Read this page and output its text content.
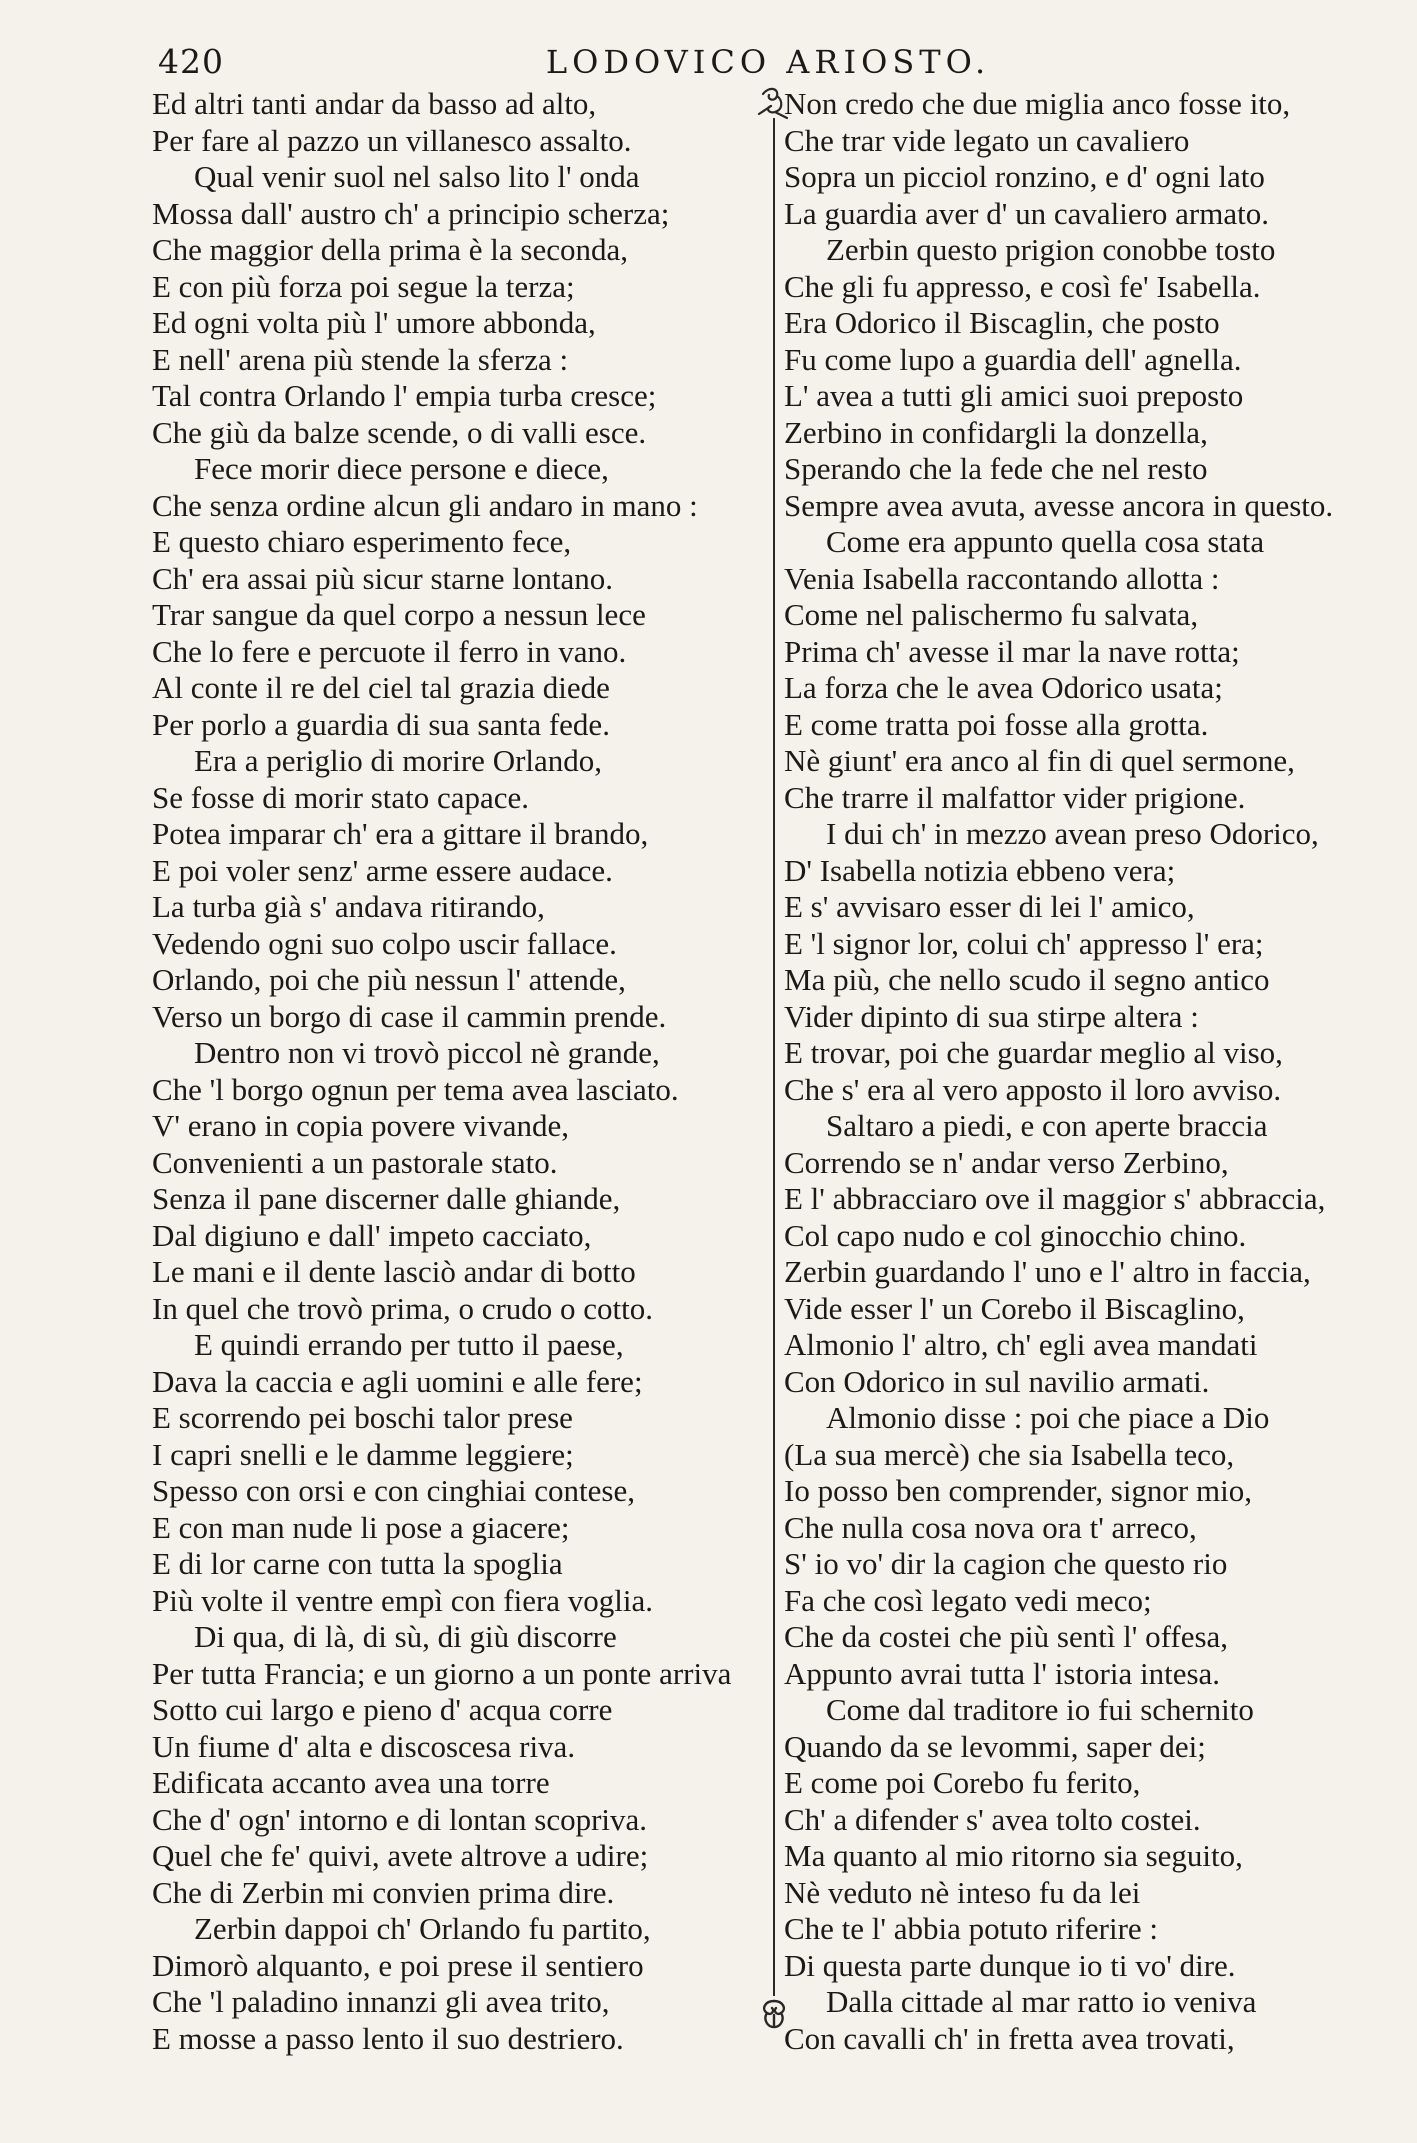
420	LODOVICO ARIOSTO.
Ed altri tanti andar da basso ad alto,
Per fare al pazzo un villanesco assalto.
Qual venir suol nel salso lito l' onda
Mossa dall' austro ch' a principio scherza;
Che maggior della prima è la seconda,
E con più forza poi segue la terza;
Ed ogni volta più l' umore abbonda,
E nell' arena più stende la sferza :
Tal contra Orlando l' empia turba cresce;
Che giù da balze scende, o di valli esce.
Fece morir diece persone e diece,
Che senza ordine alcun gli andaro in mano :
E questo chiaro esperimento fece,
Ch' era assai più sicur starne lontano.
Trar sangue da quel corpo a nessun lece
Che lo fere e percuote il ferro in vano.
Al conte il re del ciel tal grazia diede
Per porlo a guardia di sua santa fede.
Era a periglio di morire Orlando,
Se fosse di morir stato capace.
Potea imparar ch' era a gittare il brando,
E poi voler senz' arme essere audace.
La turba già s' andava ritirando,
Vedendo ogni suo colpo uscir fallace.
Orlando, poi che più nessun l' attende,
Verso un borgo di case il cammin prende.
Dentro non vi trovò piccol nè grande,
Che 'l borgo ognun per tema avea lasciato.
V' erano in copia povere vivande,
Convenienti a un pastorale stato.
Senza il pane discerner dalle ghiande,
Dal digiuno e dall' impeto cacciato,
Le mani e il dente lasciò andar di botto
In quel che trovò prima, o crudo o cotto.
E quindi errando per tutto il paese,
Dava la caccia e agli uomini e alle fere;
E scorrendo pei boschi talor prese
I capri snelli e le damme leggiere;
Spesso con orsi e con cinghiai contese,
E con man nude li pose a giacere;
E di lor carne con tutta la spoglia
Più volte il ventre empì con fiera voglia.
Di qua, di là, di sù, di giù discorre
Per tutta Francia; e un giorno a un ponte arriva
Sotto cui largo e pieno d' acqua corre
Un fiume d' alta e discoscesa riva.
Edificata accanto avea una torre
Che d' ogn' intorno e di lontan scopriva.
Quel che fe' quivi, avete altrove a udire;
Che di Zerbin mi convien prima dire.
Zerbin dappoi ch' Orlando fu partito,
Dimorò alquanto, e poi prese il sentiero
Che 'l paladino innanzi gli avea trito,
E mosse a passo lento il suo destriero.
Non credo che due miglia anco fosse ito,
Che trar vide legato un cavaliero
Sopra un picciol ronzino, e d' ogni lato
La guardia aver d' un cavaliero armato.
Zerbin questo prigion conobbe tosto
Che gli fu appresso, e così fe' Isabella.
Era Odorico il Biscaglin, che posto
Fu come lupo a guardia dell' agnella.
L' avea a tutti gli amici suoi preposto
Zerbino in confidargli la donzella,
Sperando che la fede che nel resto
Sempre avea avuta, avesse ancora in questo.
Come era appunto quella cosa stata
Venia Isabella raccontando allotta :
Come nel palischermo fu salvata,
Prima ch' avesse il mar la nave rotta;
La forza che le avea Odorico usata;
E come tratta poi fosse alla grotta.
Nè giunt' era anco al fin di quel sermone,
Che trarre il malfattor vider prigione.
I dui ch' in mezzo avean preso Odorico,
D' Isabella notizia ebbeno vera;
E s' avvisaro esser di lei l' amico,
E 'l signor lor, colui ch' appresso l' era;
Ma più, che nello scudo il segno antico
Vider dipinto di sua stirpe altera :
E trovar, poi che guardar meglio al viso,
Che s' era al vero apposto il loro avviso.
Saltaro a piedi, e con aperte braccia
Correndo se n' andar verso Zerbino,
E l' abbracciaro ove il maggior s' abbraccia,
Col capo nudo e col ginocchio chino.
Zerbin guardando l' uno e l' altro in faccia,
Vide esser l' un Corebo il Biscaglino,
Almonio l' altro, ch' egli avea mandati
Con Odorico in sul navilio armati.
Almonio disse : poi che piace a Dio
(La sua mercè) che sia Isabella teco,
Io posso ben comprender, signor mio,
Che nulla cosa nova ora t' arreco,
S' io vo' dir la cagion che questo rio
Fa che così legato vedi meco;
Che da costei che più sentì l' offesa,
Appunto avrai tutta l' istoria intesa.
Come dal traditore io fui schernito
Quando da se levommi, saper dei;
E come poi Corebo fu ferito,
Ch' a difender s' avea tolto costei.
Ma quanto al mio ritorno sia seguito,
Nè veduto nè inteso fu da lei
Che te l' abbia potuto riferire :
Di questa parte dunque io ti vo' dire.
Dalla cittade al mar ratto io veniva
Con cavalli ch' in fretta avea trovati,
